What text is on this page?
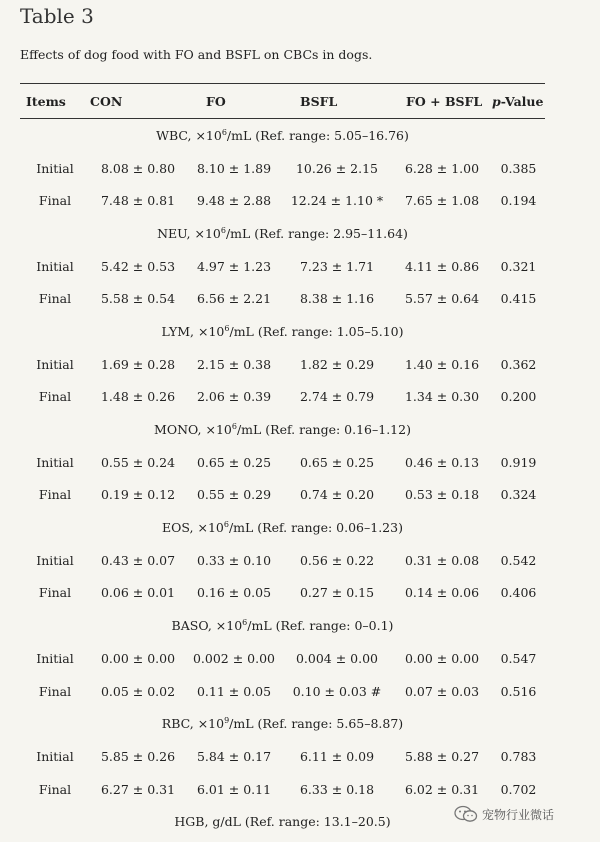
Table 3
Effects of dog food with FO and BSFL on CBCs in dogs.
Items	CON	FO	BSFL	FO + BSFL	p-Value
WBC, $\times 10^6/mL$ (Ref. range: 5.05–16.76)					
Initial	8.08 ± 0.80	8.10 ± 1.89	10.26 ± 2.15	6.28 ± 1.00	0.385
Final	7.48 ± 0.81	9.48 ± 2.88	12.24 ± 1.10 *	7.65 ± 1.08	0.194
NEU, $\times 10^6/mL$ (Ref. range: 2.95–11.64)					
Initial	5.42 ± 0.53	4.97 ± 1.23	7.23 ± 1.71	4.11 ± 0.86	0.321
Final	5.58 ± 0.54	6.56 ± 2.21	8.38 ± 1.16	5.57 ± 0.64	0.415
LYM, $\times 10^6/mL$ (Ref. range: 1.05–5.10)					
Initial	1.69 ± 0.28	2.15 ± 0.38	1.82 ± 0.29	1.40 ± 0.16	0.362
Final	1.48 ± 0.26	2.06 ± 0.39	2.74 ± 0.79	1.34 ± 0.30	0.200
MONO, $\times 10^6/mL$ (Ref. range: 0.16–1.12)					
Initial	0.55 ± 0.24	0.65 ± 0.25	0.65 ± 0.25	0.46 ± 0.13	0.919
Final	0.19 ± 0.12	0.55 ± 0.29	0.74 ± 0.20	0.53 ± 0.18	0.324
EOS, $\times 10^6/mL$ (Ref. range: 0.06–1.23)					
Initial	0.43 ± 0.07	0.33 ± 0.10	0.56 ± 0.22	0.31 ± 0.08	0.542
Final	0.06 ± 0.01	0.16 ± 0.05	0.27 ± 0.15	0.14 ± 0.06	0.406
BASO, $\times 10^6/mL$ (Ref. range: 0–0.1)					
Initial	0.00 ± 0.00	0.002 ± 0.00	0.004 ± 0.00	0.00 ± 0.00	0.547
Final	0.05 ± 0.02	0.11 ± 0.05	0.10 ± 0.03 #	0.07 ± 0.03	0.516
RBC, $\times 10^9/mL$ (Ref. range: 5.65–8.87)					
Initial	5.85 ± 0.26	5.84 ± 0.17	6.11 ± 0.09	5.88 ± 0.27	0.783
Final	6.27 ± 0.31	6.01 ± 0.11	6.33 ± 0.18	6.02 ± 0.31	0.702
HGB, g/dL (Ref. range: 13.1–20.5)						宠物行业微话
